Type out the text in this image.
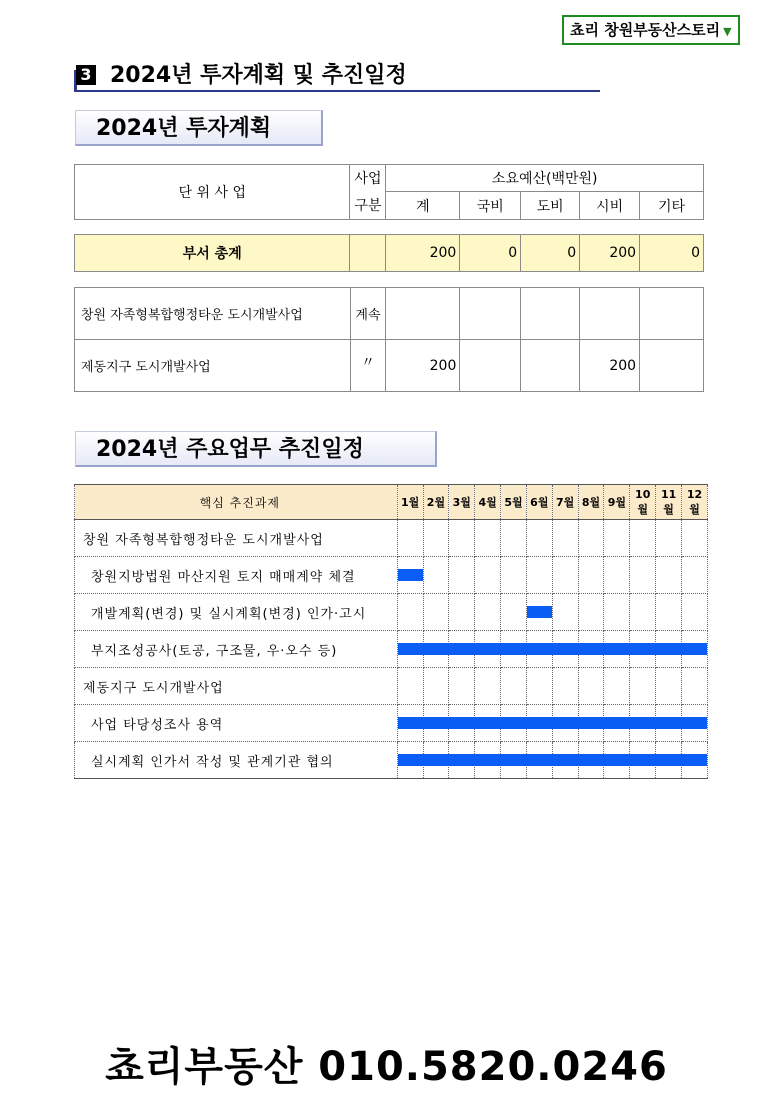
쵸리 창원부동산스토리 ▼
3 2024년 투자계획 및 추진일정
2024년 투자계획
단 위 사 업	사업	소요예산(백만원)				
	구분	계	국비	도비	시비	기타
부서 총계		200	0	0	200	0
창원 자족형복합행정타운 도시개발사업	계속					
제동지구 도시개발사업	〃	200			200	
2024년 주요업무 추진일정
핵심 추진과제	1월	2월	3월	4월	5월	6월	7월	8월	9월	10월	11월	12월
창원 자족형복합행정타운 도시개발사업												
창원지방법원 마산지원 토지 매매계약 체결	

개발계획(변경) 및 실시계획(변경) 인가·고시						

부지조성공사(토공, 구조물, 우·오수 등)	

제동지구 도시개발사업												
사업 타당성조사 용역	

실시계획 인가서 작성 및 관계기관 협의	

쵸리부동산 010.5820.0246
